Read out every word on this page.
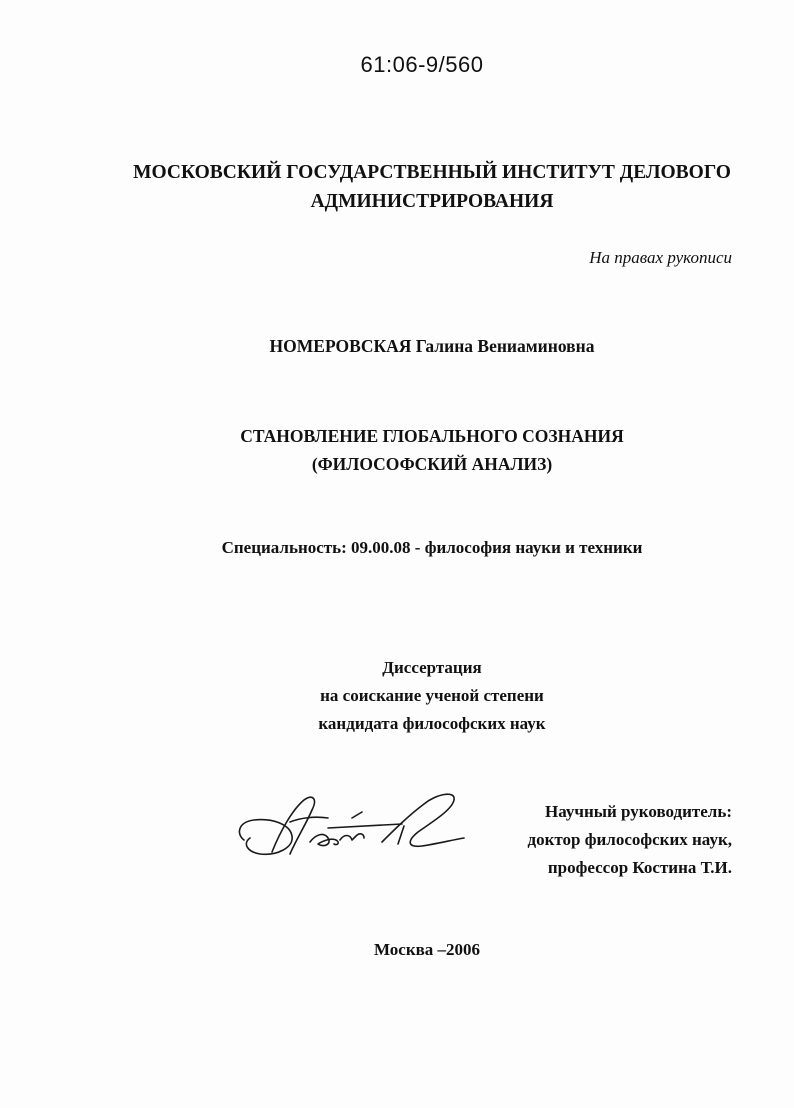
61:06-9/560
МОСКОВСКИЙ ГОСУДАРСТВЕННЫЙ ИНСТИТУТ ДЕЛОВОГО
АДМИНИСТРИРОВАНИЯ
На правах рукописи
НОМЕРОВСКАЯ Галина Вениаминовна
СТАНОВЛЕНИЕ ГЛОБАЛЬНОГО СОЗНАНИЯ
(ФИЛОСОФСКИЙ АНАЛИЗ)
Специальность: 09.00.08 - философия науки и техники
Диссертация
на соискание ученой степени
кандидата философских наук
Научный руководитель:
доктор философских наук,
профессор Костина Т.И.
Москва –2006
